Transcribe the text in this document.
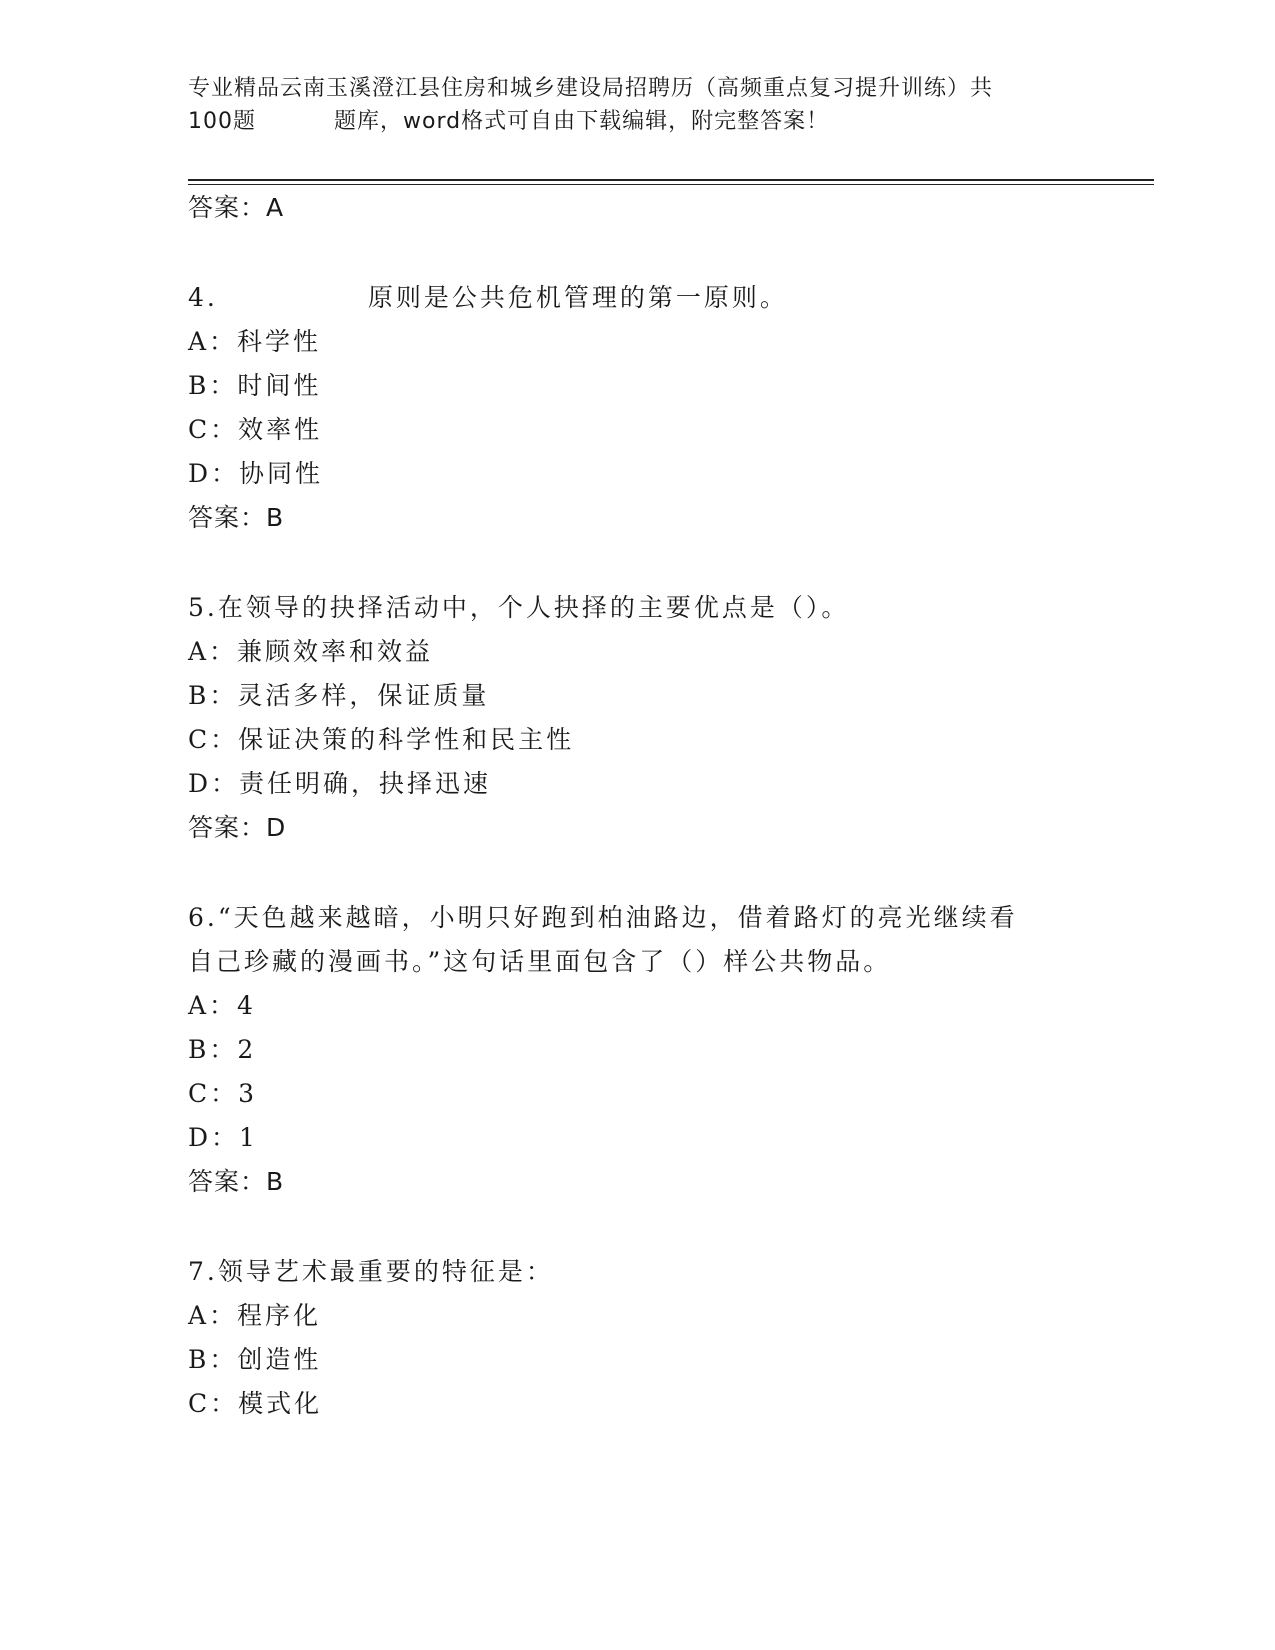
专业精品云南玉溪澄江县住房和城乡建设局招聘历（高频重点复习提升训练）共
100题	题库，word格式可自由下载编辑，附完整答案！
答案：A
4.	原则是公共危机管理的第一原则。
A：科学性
B：时间性
C：效率性
D：协同性
答案：B
5.在领导的抉择活动中，个人抉择的主要优点是（）。
A：兼顾效率和效益
B：灵活多样，保证质量
C：保证决策的科学性和民主性
D：责任明确，抉择迅速
答案：D
6.“天色越来越暗，小明只好跑到柏油路边，借着路灯的亮光继续看
自己珍藏的漫画书。”这句话里面包含了（）样公共物品。
A：4
B：2
C：3
D：1
答案：B
7.领导艺术最重要的特征是：
A：程序化
B：创造性
C：模式化
